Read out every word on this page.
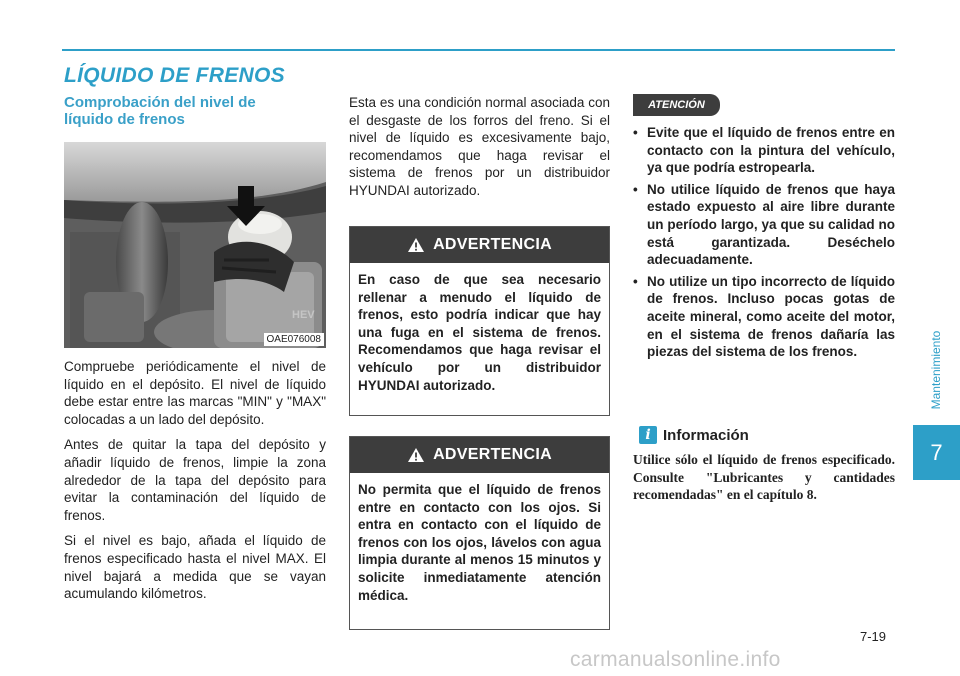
LÍQUIDO DE FRENOS
Comprobación del nivel de
líquido de frenos
HEV
OAE076008

Compruebe periódicamente el nivel de líquido en el depósito. El nivel de líquido debe estar entre las marcas "MIN" y "MAX" colocadas a un lado del depósito.

Antes de quitar la tapa del depósito y añadir líquido de frenos, limpie la zona alrededor de la tapa del depósito para evitar la contaminación del líquido de frenos.

Si el nivel es bajo, añada el líquido de frenos especificado hasta el nivel MAX. El nivel bajará a medida que se vayan acumulando kilómetros.

Esta es una condición normal asociada con el desgaste de los forros del freno. Si el nivel de líquido es excesivamente bajo, recomendamos que haga revisar el sistema de frenos por un distribuidor HYUNDAI autorizado.

ADVERTENCIA
En caso de que sea necesario rellenar a menudo el líquido de frenos, esto podría indicar que hay una fuga en el sistema de frenos. Recomendamos que haga revisar el vehículo por un distribuidor HYUNDAI autorizado.
ADVERTENCIA
No permita que el líquido de frenos entre en contacto con los ojos. Si entra en contacto con el líquido de frenos con los ojos, lávelos con agua limpia durante al menos 15 minutos y solicite inmediatamente atención médica.
ATENCIÓN
• Evite que el líquido de frenos entre en contacto con la pintura del vehículo, ya que podría estropearla.
• No utilice líquido de frenos que haya estado expuesto al aire libre durante un período largo, ya que su calidad no está garantizada. Deséchelo adecuadamente.
• No utilize un tipo incorrecto de líquido de frenos. Incluso pocas gotas de aceite mineral, como aceite del motor, en el sistema de frenos dañaría las piezas del sistema de los frenos.
i Información
Utilice sólo el líquido de frenos especificado. Consulte "Lubricantes y cantidades recomendadas" en el capítulo 8.
Mantenimiento
7
7-19
carmanualsonline.info
